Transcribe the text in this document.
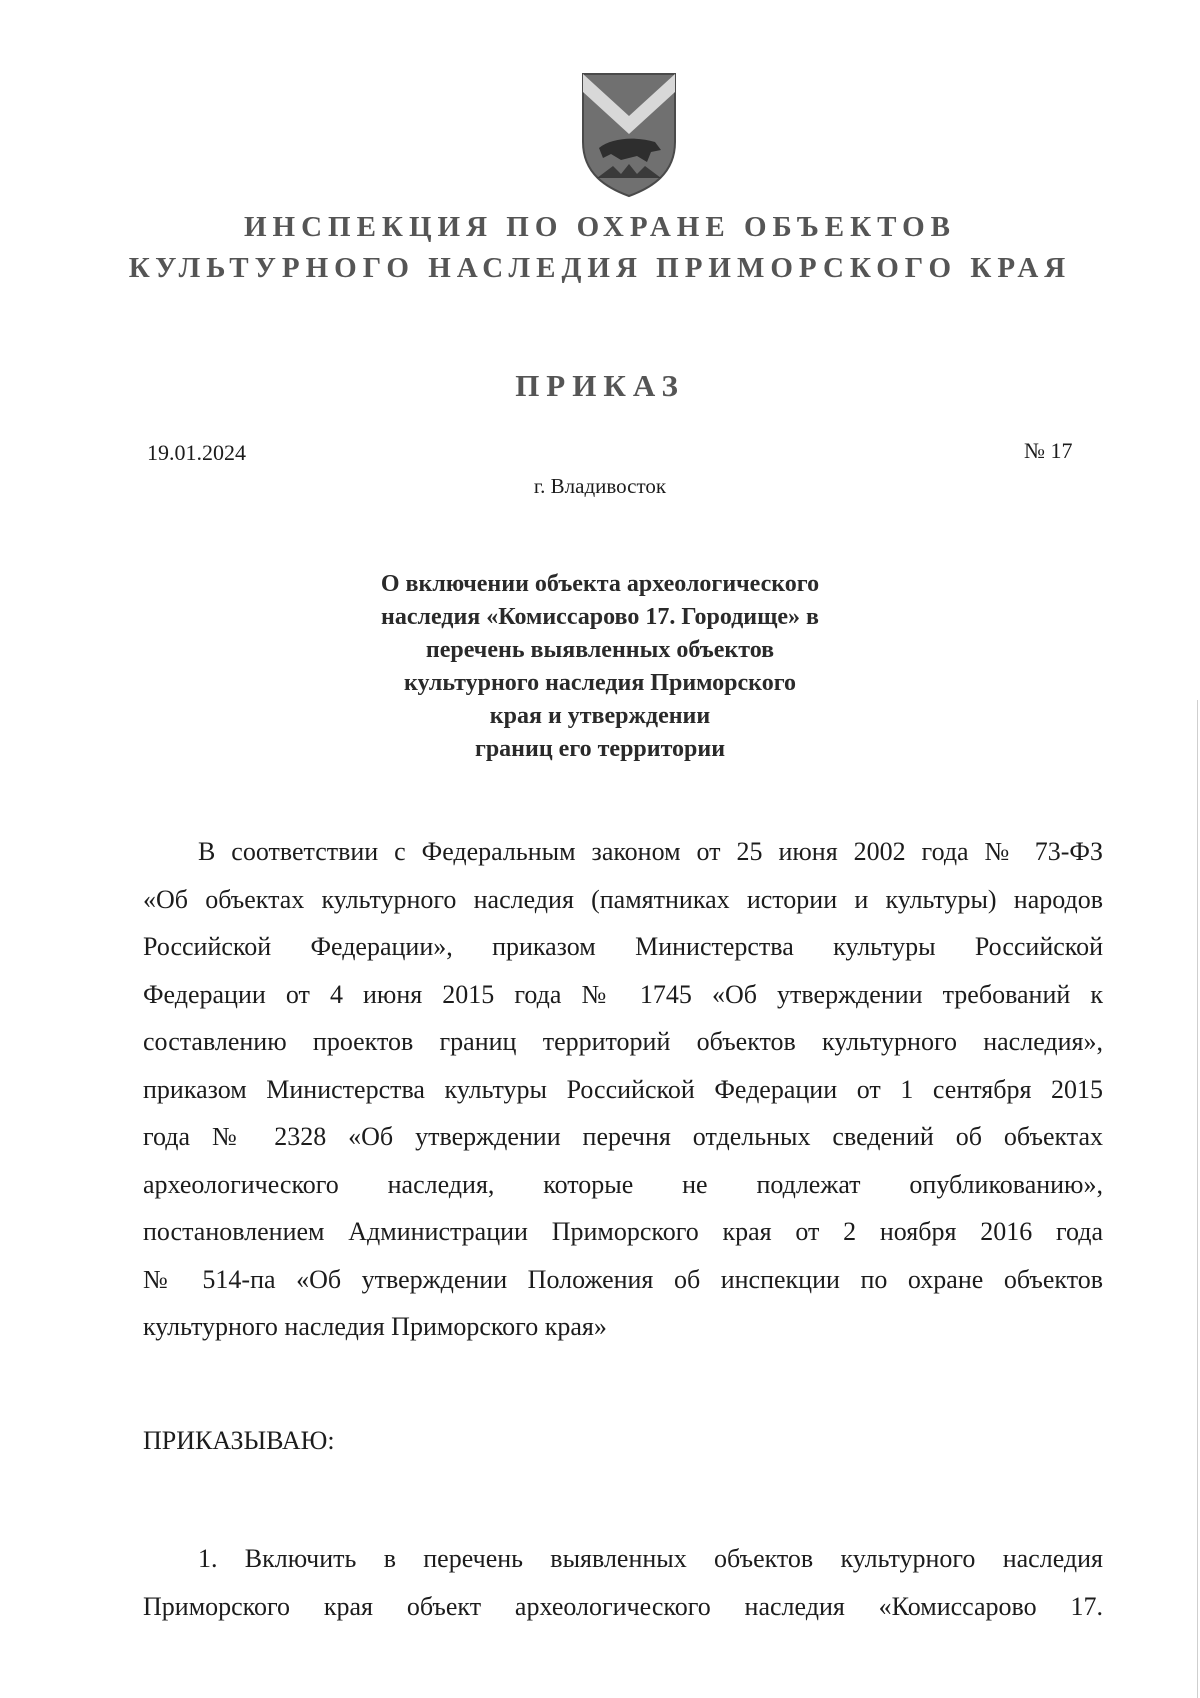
ИНСПЕКЦИЯ ПО ОХРАНЕ ОБЪЕКТОВ
КУЛЬТУРНОГО НАСЛЕДИЯ ПРИМОРСКОГО КРАЯ
ПРИКАЗ
19.01.2024	№ 17
г. Владивосток
О включении объекта археологического
наследия «Комиссарово 17. Городище» в
перечень выявленных объектов
культурного наследия Приморского
края и утверждении
границ его территории
В соответствии с Федеральным законом от 25 июня 2002 года № 73-ФЗ
«Об объектах культурного наследия (памятниках истории и культуры) народов
Российской Федерации», приказом Министерства культуры Российской
Федерации от 4 июня 2015 года № 1745 «Об утверждении требований к
составлению проектов границ территорий объектов культурного наследия»,
приказом Министерства культуры Российской Федерации от 1 сентября 2015
года № 2328 «Об утверждении перечня отдельных сведений об объектах
археологического наследия, которые не подлежат опубликованию»,
постановлением Администрации Приморского края от 2 ноября 2016 года
№ 514-па «Об утверждении Положения об инспекции по охране объектов
культурного наследия Приморского края»
ПРИКАЗЫВАЮ:
1. Включить в перечень выявленных объектов культурного наследия
Приморского края объект археологического наследия «Комиссарово 17.
